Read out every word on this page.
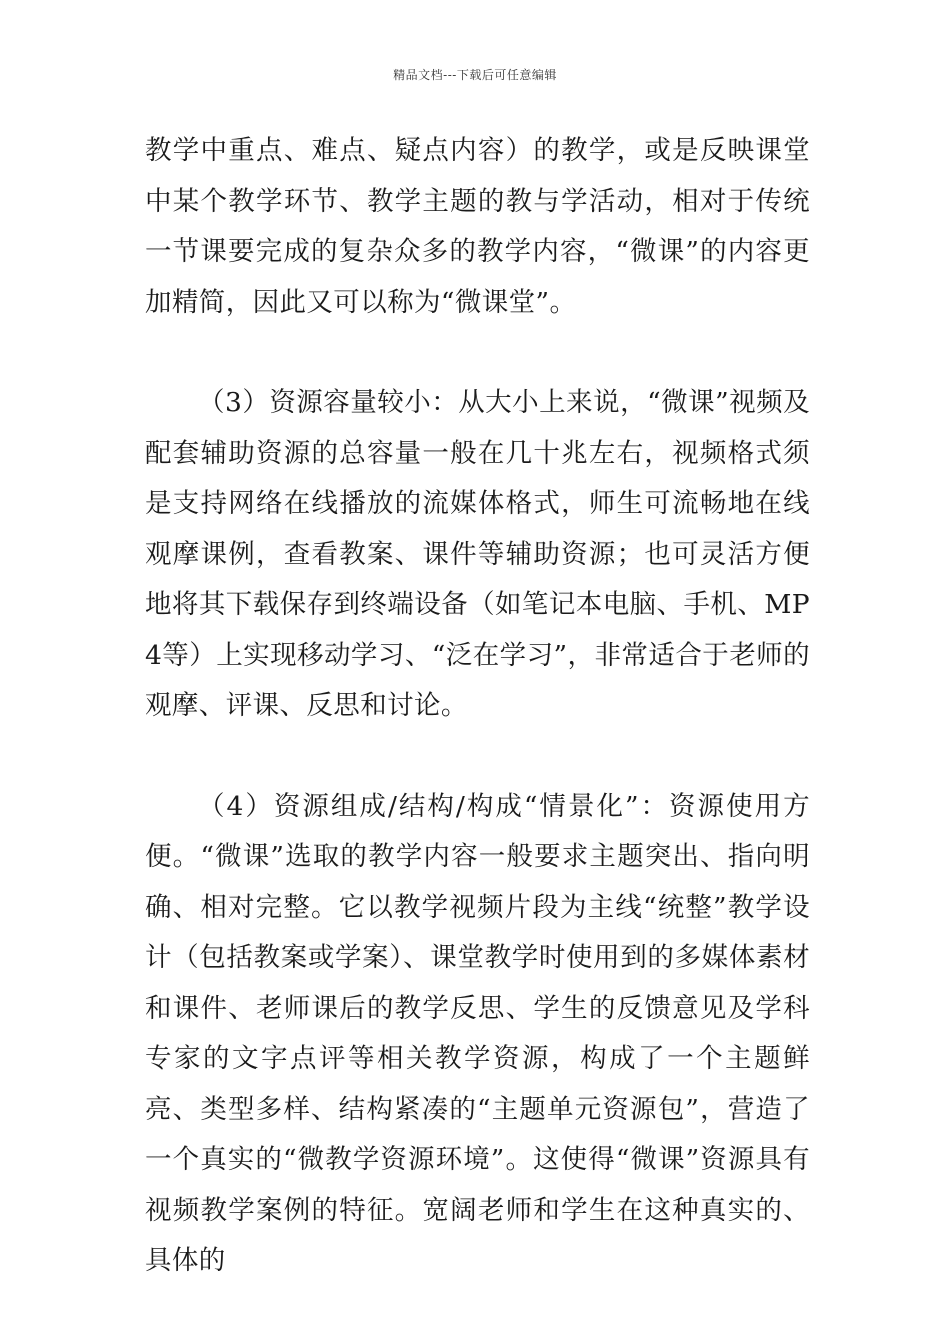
精品文档---下载后可任意编辑

教学中重点、难点、疑点内容）的教学，或是反映课堂中某个教学环节、教学主题的教与学活动，相对于传统一节课要完成的复杂众多的教学内容，“微课”的内容更加精简，因此又可以称为“微课堂”。

（3）资源容量较小：从大小上来说，“微课”视频及配套辅助资源的总容量一般在几十兆左右，视频格式须是支持网络在线播放的流媒体格式，师生可流畅地在线观摩课例，查看教案、课件等辅助资源；也可灵活方便地将其下载保存到终端设备（如笔记本电脑、手机、MP4等）上实现移动学习、“泛在学习”，非常适合于老师的观摩、评课、反思和讨论。

（4）资源组成/结构/构成“情景化”：资源使用方便。“微课”选取的教学内容一般要求主题突出、指向明确、相对完整。它以教学视频片段为主线“统整”教学设计（包括教案或学案）、课堂教学时使用到的多媒体素材和课件、老师课后的教学反思、学生的反馈意见及学科专家的文字点评等相关教学资源，构成了一个主题鲜亮、类型多样、结构紧凑的“主题单元资源包”，营造了一个真实的“微教学资源环境”。这使得“微课”资源具有视频教学案例的特征。宽阔老师和学生在这种真实的、具体的
